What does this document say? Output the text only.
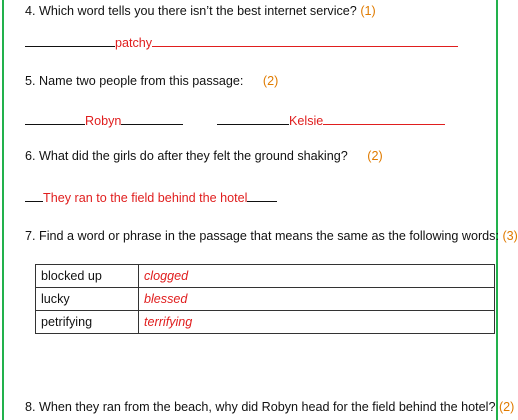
4. Which word tells you there isn’t the best internet service? (1)
patchy
5. Name two people from this passage: (2)
Robyn	Kelsie
6. What did the girls do after they felt the ground shaking? (2)
They ran to the field behind the hotel
7. Find a word or phrase in the passage that means the same as the following words: (3)
blocked up	clogged
lucky	blessed
petrifying	terrifying
8. When they ran from the beach, why did Robyn head for the field behind the hotel? (2)
